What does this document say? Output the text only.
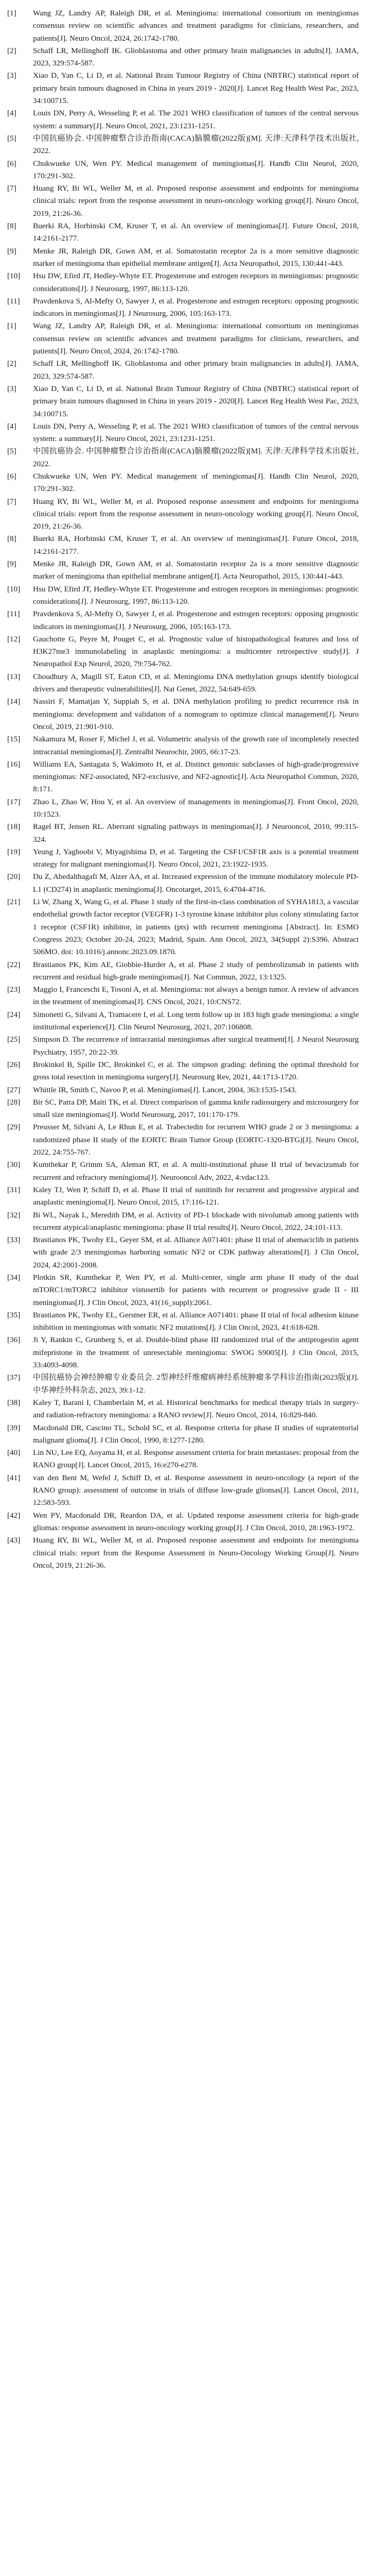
[1]	Wang JZ, Landry AP, Raleigh DR, et al. Meningioma: international consortium on meningiomas consensus review on scientific advances and treatment paradigms for clinicians, researchers, and patients[J]. Neuro Oncol, 2024, 26:1742-1780.
[2]	Schaff LR, Mellinghoff IK. Glioblastoma and other primary brain malignancies in adults[J]. JAMA, 2023, 329:574-587.
[3]	Xiao D, Yan C, Li D, et al. National Brain Tumour Registry of China (NBTRC) statistical report of primary brain tumours diagnosed in China in years 2019 - 2020[J]. Lancet Reg Health West Pac, 2023, 34:100715.
[4]	Louis DN, Perry A, Wesseling P, et al. The 2021 WHO classification of tumors of the central nervous system: a summary[J]. Neuro Oncol, 2021, 23:1231-1251.
[5]	中国抗癌协会. 中国肿瘤整合诊治指南(CACA)脑膜瘤(2022版)[M]. 天津:天津科学技术出版社, 2022.
[6]	Chukwueke UN, Wen PY. Medical management of meningiomas[J]. Handb Clin Neurol, 2020, 170:291-302.
[7]	Huang RY, Bi WL, Weller M, et al. Proposed response assessment and endpoints for meningioma clinical trials: report from the response assessment in neuro-oncology working group[J]. Neuro Oncol, 2019, 21:26-36.
[8]	Buerki RA, Horbinski CM, Kruser T, et al. An overview of meningiomas[J]. Future Oncol, 2018, 14:2161-2177.
[9]	Menke JR, Raleigh DR, Gown AM, et al. Somatostatin receptor 2a is a more sensitive diagnostic marker of meningioma than epithelial membrane antigen[J]. Acta Neuropathol, 2015, 130:441-443.
[10]	Hsu DW, Efird JT, Hedley-Whyte ET. Progesterone and estrogen receptors in meningiomas: prognostic considerations[J]. J Neurosurg, 1997, 86:113-120.
[11]	Pravdenkova S, Al-Mefty O, Sawyer J, et al. Progesterone and estrogen receptors: opposing prognostic indicators in meningiomas[J]. J Neurosurg, 2006, 105:163-173.
[1]	Wang JZ, Landry AP, Raleigh DR, et al. Meningioma: international consortium on meningiomas consensus review on scientific advances and treatment paradigms for clinicians, researchers, and patients[J]. Neuro Oncol, 2024, 26:1742-1780.
[2]	Schaff LR, Mellinghoff IK. Glioblastoma and other primary brain malignancies in adults[J]. JAMA, 2023, 329:574-587.
[3]	Xiao D, Yan C, Li D, et al. National Brain Tumour Registry of China (NBTRC) statistical report of primary brain tumours diagnosed in China in years 2019 - 2020[J]. Lancet Reg Health West Pac, 2023, 34:100715.
[4]	Louis DN, Perry A, Wesseling P, et al. The 2021 WHO classification of tumors of the central nervous system: a summary[J]. Neuro Oncol, 2021, 23:1231-1251.
[5]	中国抗癌协会. 中国肿瘤整合诊治指南(CACA)脑膜瘤(2022版)[M]. 天津:天津科学技术出版社, 2022.
[6]	Chukwueke UN, Wen PY. Medical management of meningiomas[J]. Handb Clin Neurol, 2020, 170:291-302.
[7]	Huang RY, Bi WL, Weller M, et al. Proposed response assessment and endpoints for meningioma clinical trials: report from the response assessment in neuro-oncology working group[J]. Neuro Oncol, 2019, 21:26-36.
[8]	Buerki RA, Horbinski CM, Kruser T, et al. An overview of meningiomas[J]. Future Oncol, 2018, 14:2161-2177.
[9]	Menke JR, Raleigh DR, Gown AM, et al. Somatostatin receptor 2a is a more sensitive diagnostic marker of meningioma than epithelial membrane antigen[J]. Acta Neuropathol, 2015, 130:441-443.
[10]	Hsu DW, Efird JT, Hedley-Whyte ET. Progesterone and estrogen receptors in meningiomas: prognostic considerations[J]. J Neurosurg, 1997, 86:113-120.
[11]	Pravdenkova S, Al-Mefty O, Sawyer J, et al. Progesterone and estrogen receptors: opposing prognostic indicators in meningiomas[J]. J Neurosurg, 2006, 105:163-173.
[12]	Gauchotte G, Peyre M, Pouget C, et al. Prognostic value of histopathological features and loss of H3K27me3 immunolabeling in anaplastic meningioma: a multicenter retrospective study[J]. J Neuropathol Exp Neurol, 2020, 79:754-762.
[13]	Choudhury A, Magill ST, Eaton CD, et al. Meningioma DNA methylation groups identify biological drivers and therapeutic vulnerabilities[J]. Nat Genet, 2022, 54:649-659.
[14]	Nassiri F, Mamatjan Y, Suppiah S, et al. DNA methylation profiling to predict recurrence risk in meningioma: development and validation of a nomogram to optimize clinical management[J]. Neuro Oncol, 2019, 21:901-910.
[15]	Nakamura M, Roser F, Michel J, et al. Volumetric analysis of the growth rate of incompletely resected intracranial meningiomas[J]. Zentralbl Neurochir, 2005, 66:17-23.
[16]	Williams EA, Santagata S, Wakimoto H, et al. Distinct genomic subclasses of high-grade/progressive meningiomas: NF2-associated, NF2-exclusive, and NF2-agnostic[J]. Acta Neuropathol Commun, 2020, 8:171.
[17]	Zhao L, Zhao W, Hou Y, et al. An overview of managements in meningiomas[J]. Front Oncol, 2020, 10:1523.
[18]	Ragel BT, Jensen RL. Aberrant signaling pathways in meningiomas[J]. J Neurooncol, 2010, 99:315-324.
[19]	Yeung J, Yaghoobi V, Miyagishima D, et al. Targeting the CSF1/CSF1R axis is a potential treatment strategy for malignant meningiomas[J]. Neuro Oncol, 2021, 23:1922-1935.
[20]	Du Z, Abedalthagafi M, Aizer AA, et al. Increased expression of the immune modulatory molecule PD-L1 (CD274) in anaplastic meningioma[J]. Oncotarget, 2015, 6:4704-4716.
[21]	Li W, Zhang X, Wang G, et al. Phase 1 study of the first-in-class combination of SYHA1813, a vascular endothelial growth factor receptor (VEGFR) 1-3 tyrosine kinase inhibitor plus colony stimulating factor 1 receptor (CSF1R) inhibitor, in patients (pts) with recurrent meningioma [Abstract]. In: ESMO Congress 2023; October 20-24, 2023; Madrid, Spain. Ann Oncol, 2023, 34(Suppl 2):S396. Abstract 506MO. doi: 10.1016/j.annonc.2023.09.1870.
[22]	Brastianos PK, Kim AE, Giobbie-Hurder A, et al. Phase 2 study of pembrolizumab in patients with recurrent and residual high-grade meningiomas[J]. Nat Commun, 2022, 13:1325.
[23]	Maggio I, Franceschi E, Tosoni A, et al. Meningioma: not always a benign tumor. A review of advances in the treatment of meningiomas[J]. CNS Oncol, 2021, 10:CNS72.
[24]	Simonetti G, Silvani A, Tramacere I, et al. Long term follow up in 183 high grade meningioma: a single institutional experience[J]. Clin Neurol Neurosurg, 2021, 207:106808.
[25]	Simpson D. The recurrence of intracranial meningiomas after surgical treatment[J]. J Neurol Neurosurg Psychiatry, 1957, 20:22-39.
[26]	Brokinkel B, Spille DC, Brokinkel C, et al. The simpson grading: defining the optimal threshold for gross total resection in meningioma surgery[J]. Neurosurg Rev, 2021, 44:1713-1720.
[27]	Whittle IR, Smith C, Navoo P, et al. Meningiomas[J]. Lancet, 2004, 363:1535-1543.
[28]	Bir SC, Patra DP, Maiti TK, et al. Direct comparison of gamma knife radiosurgery and microsurgery for small size meningiomas[J]. World Neurosurg, 2017, 101:170-179.
[29]	Preusser M, Silvani A, Le Rhun E, et al. Trabectedin for recurrent WHO grade 2 or 3 meningioma: a randomized phase II study of the EORTC Brain Tumor Group (EORTC-1320-BTG)[J]. Neuro Oncol, 2022, 24:755-767.
[30]	Kumthekar P, Grimm SA, Aleman RT, et al. A multi-institutional phase II trial of bevacizumab for recurrent and refractory meningioma[J]. Neurooncol Adv, 2022, 4:vdac123.
[31]	Kaley TJ, Wen P, Schiff D, et al. Phase II trial of sunitinib for recurrent and progressive atypical and anaplastic meningioma[J]. Neuro Oncol, 2015, 17:116-121.
[32]	Bi WL, Nayak L, Meredith DM, et al. Activity of PD-1 blockade with nivolumab among patients with recurrent atypical/anaplastic meningioma: phase II trial results[J]. Neuro Oncol, 2022, 24:101-113.
[33]	Brastianos PK, Twohy EL, Geyer SM, et al. Alliance A071401: phase II trial of abemaciclib in patients with grade 2/3 meningiomas harboring somatic NF2 or CDK pathway alterations[J]. J Clin Oncol, 2024, 42:2001-2008.
[34]	Plotkin SR, Kumthekar P, Wen PY, et al. Multi-center, single arm phase II study of the dual mTORC1/mTORC2 inhibitor vistusertib for patients with recurrent or progressive grade II - III meningiomas[J]. J Clin Oncol, 2023, 41(16_suppl):2061.
[35]	Brastianos PK, Twohy EL, Gerstner ER, et al. Alliance A071401: phase II trial of focal adhesion kinase inhibition in meningiomas with somatic NF2 mutations[J]. J Clin Oncol, 2023, 41:618-628.
[36]	Ji Y, Rankin C, Grunberg S, et al. Double-blind phase III randomized trial of the antiprogestin agent mifepristone in the treatment of unresectable meningioma: SWOG S9005[J]. J Clin Oncol, 2015, 33:4093-4098.
[37]	中国抗癌协会神经肿瘤专业委员会. 2型神经纤维瘤病神经系统肿瘤多学科诊治指南(2023版)[J]. 中华神经外科杂志, 2023, 39:1-12.
[38]	Kaley T, Barani I, Chamberlain M, et al. Historical benchmarks for medical therapy trials in surgery- and radiation-refractory meningioma: a RANO review[J]. Neuro Oncol, 2014, 16:829-840.
[39]	Macdonald DR, Cascino TL, Schold SC, et al. Response criteria for phase II studies of supratentorial malignant glioma[J]. J Clin Oncol, 1990, 8:1277-1280.
[40]	Lin NU, Lee EQ, Aoyama H, et al. Response assessment criteria for brain metastases: proposal from the RANO group[J]. Lancet Oncol, 2015, 16:e270-e278.
[41]	van den Bent M, Wefel J, Schiff D, et al. Response assessment in neuro-oncology (a report of the RANO group): assessment of outcome in trials of diffuse low-grade gliomas[J]. Lancet Oncol, 2011, 12:583-593.
[42]	Wen PY, Macdonald DR, Reardon DA, et al. Updated response assessment criteria for high-grade gliomas: response assessment in neuro-oncology working group[J]. J Clin Oncol, 2010, 28:1963-1972.
[43]	Huang RY, Bi WL, Weller M, et al. Proposed response assessment and endpoints for meningioma clinical trials: report from the Response Assessment in Neuro-Oncology Working Group[J]. Neuro Oncol, 2019, 21:26-36.
